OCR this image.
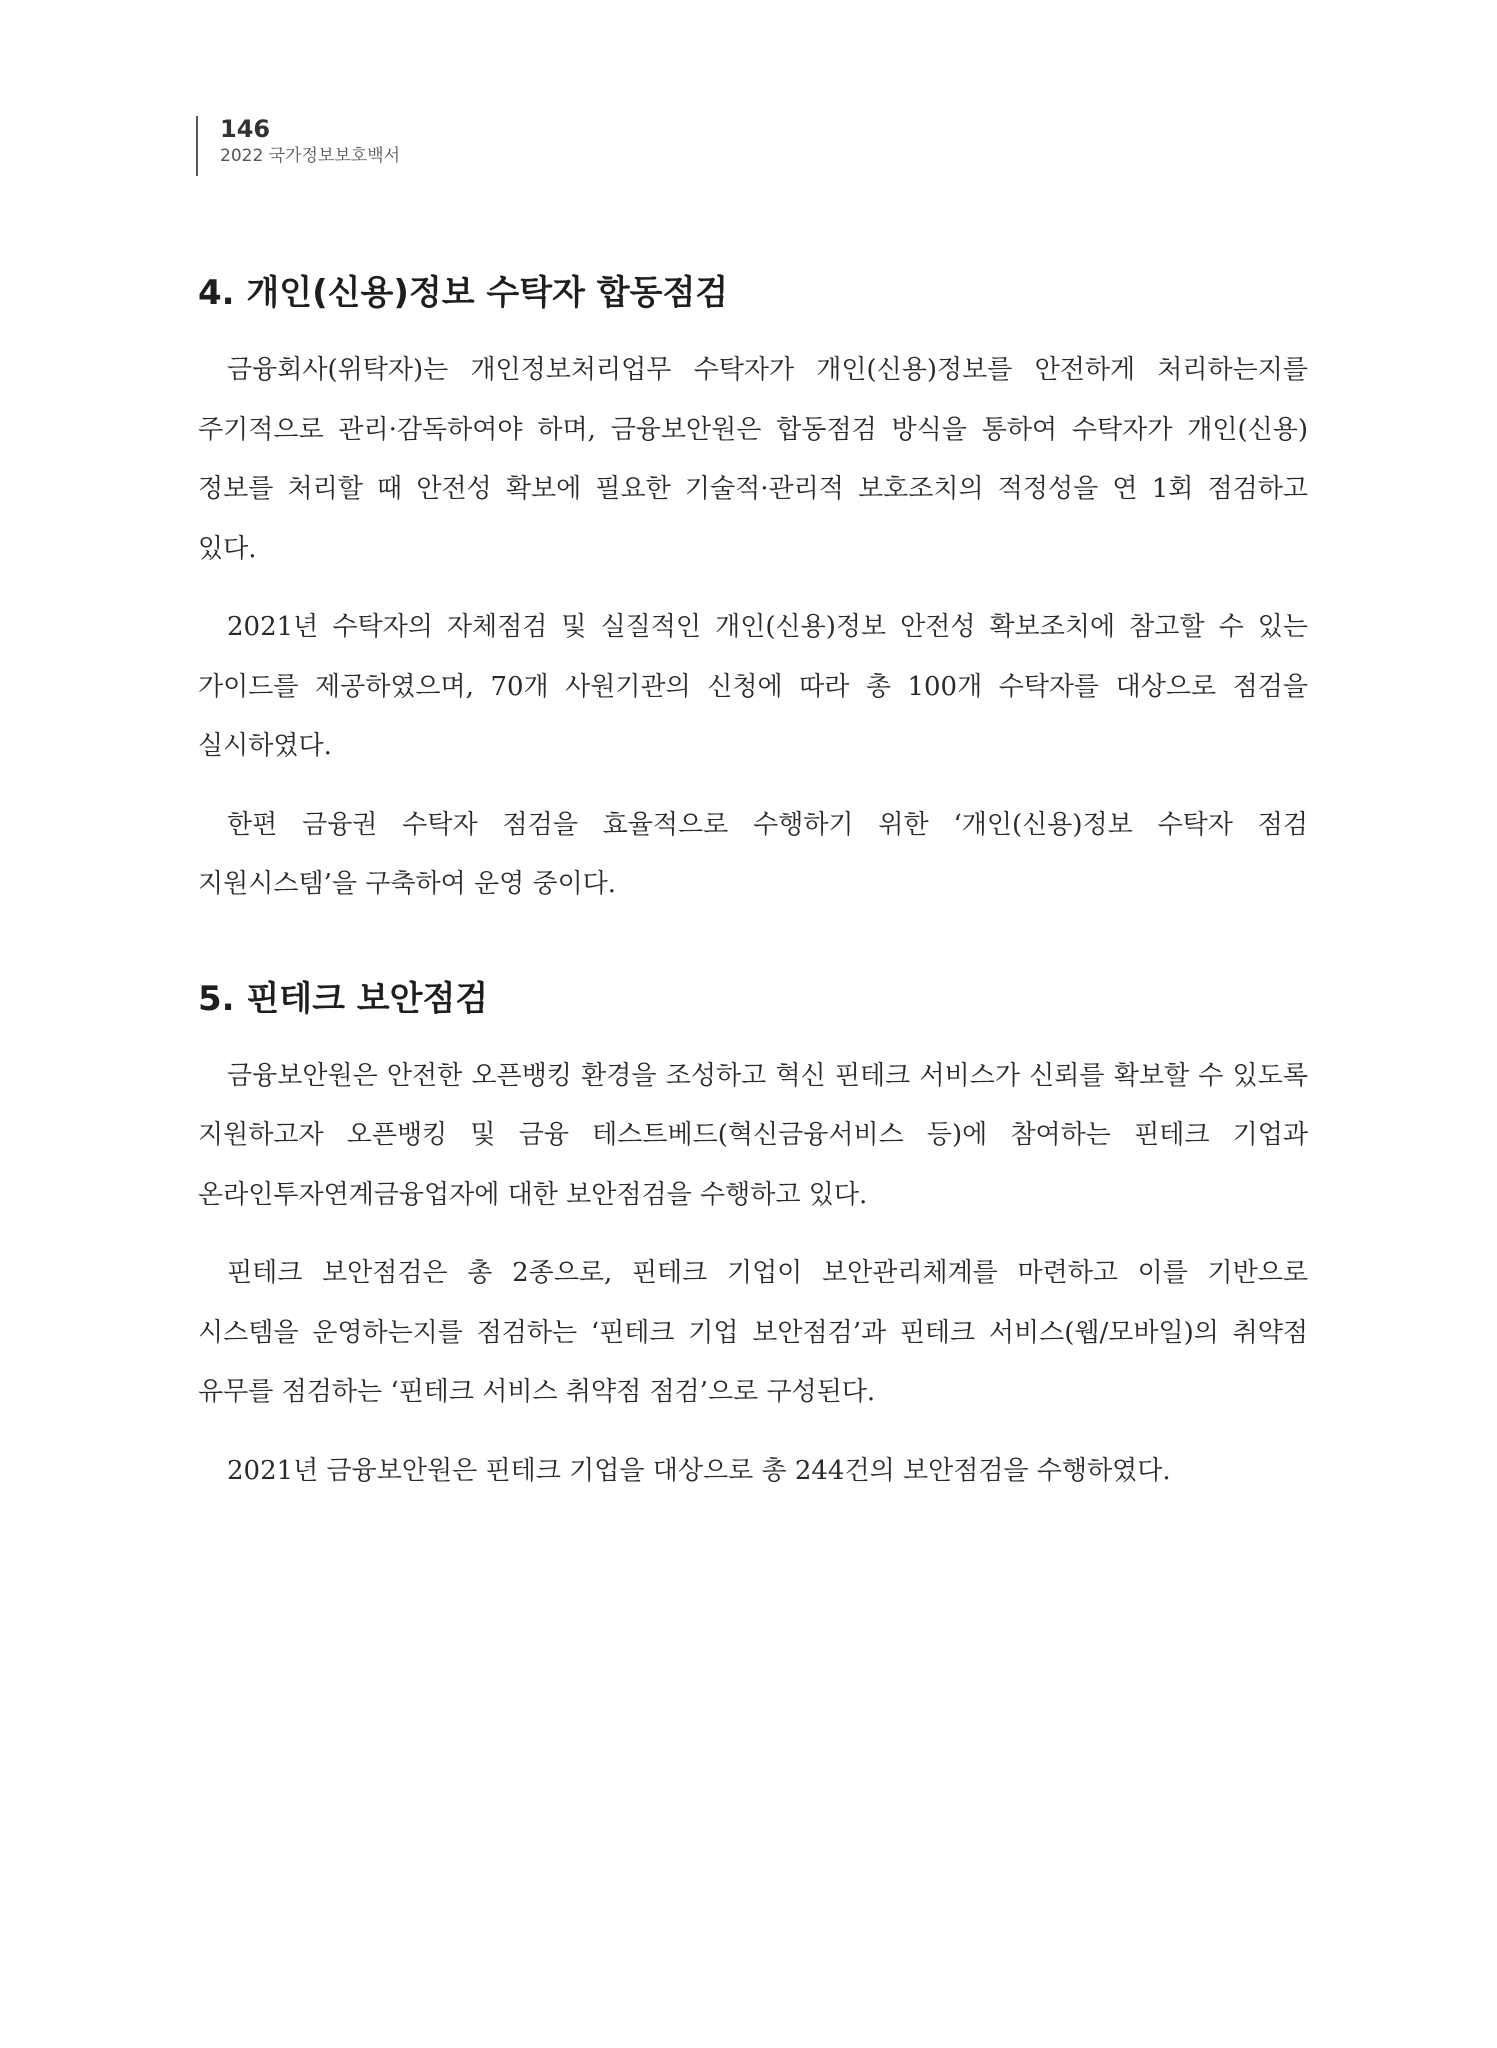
146
2022 국가정보보호백서
4. 개인(신용)정보 수탁자 합동점검

금융회사(위탁자)는 개인정보처리업무 수탁자가 개인(신용)정보를 안전하게 처리하는지를 주기적으로 관리·감독하여야 하며, 금융보안원은 합동점검 방식을 통하여 수탁자가 개인(신용)정보를 처리할 때 안전성 확보에 필요한 기술적·관리적 보호조치의 적정성을 연 1회 점검하고 있다.

2021년 수탁자의 자체점검 및 실질적인 개인(신용)정보 안전성 확보조치에 참고할 수 있는 가이드를 제공하였으며, 70개 사원기관의 신청에 따라 총 100개 수탁자를 대상으로 점검을 실시하였다.

한편 금융권 수탁자 점검을 효율적으로 수행하기 위한 ‘개인(신용)정보 수탁자 점검 지원시스템’을 구축하여 운영 중이다.

5. 핀테크 보안점검

금융보안원은 안전한 오픈뱅킹 환경을 조성하고 혁신 핀테크 서비스가 신뢰를 확보할 수 있도록 지원하고자 오픈뱅킹 및 금융 테스트베드(혁신금융서비스 등)에 참여하는 핀테크 기업과 온라인투자연계금융업자에 대한 보안점검을 수행하고 있다.

핀테크 보안점검은 총 2종으로, 핀테크 기업이 보안관리체계를 마련하고 이를 기반으로 시스템을 운영하는지를 점검하는 ‘핀테크 기업 보안점검’과 핀테크 서비스(웹/모바일)의 취약점 유무를 점검하는 ‘핀테크 서비스 취약점 점검’으로 구성된다.

2021년 금융보안원은 핀테크 기업을 대상으로 총 244건의 보안점검을 수행하였다.
